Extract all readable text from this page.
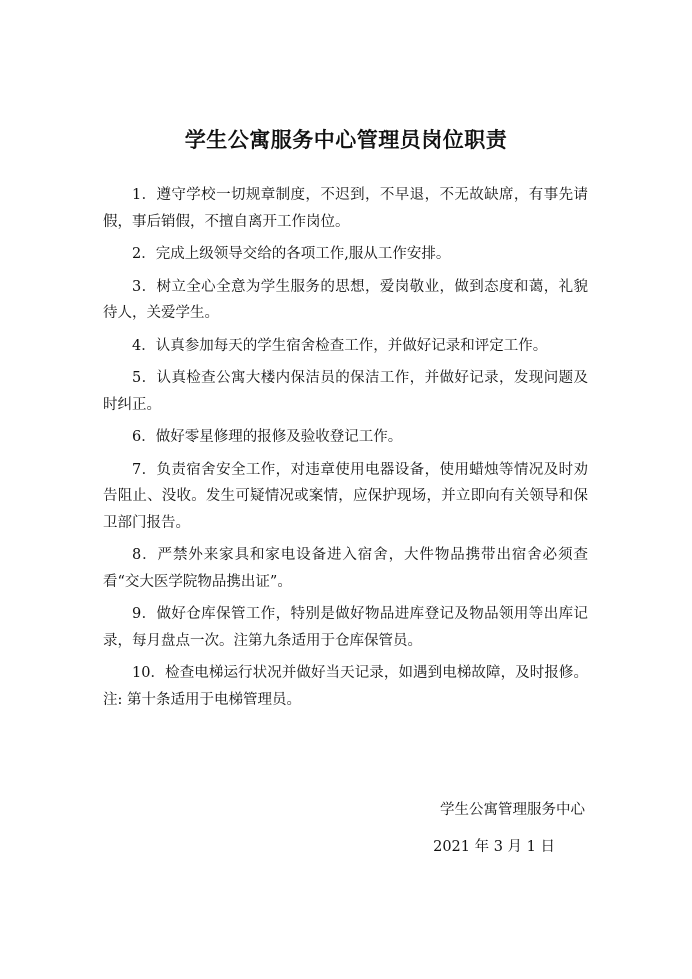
学生公寓服务中心管理员岗位职责

1．遵守学校一切规章制度，不迟到，不早退，不无故缺席，有事先请假，事后销假，不擅自离开工作岗位。

2．完成上级领导交给的各项工作,服从工作安排。

3．树立全心全意为学生服务的思想，爱岗敬业，做到态度和蔼，礼貌待人，关爱学生。

4．认真参加每天的学生宿舍检查工作，并做好记录和评定工作。

5．认真检查公寓大楼内保洁员的保洁工作，并做好记录，发现问题及时纠正。

6．做好零星修理的报修及验收登记工作。

7．负责宿舍安全工作，对违章使用电器设备，使用蜡烛等情况及时劝告阻止、没收。发生可疑情况或案情，应保护现场，并立即向有关领导和保卫部门报告。

8．严禁外来家具和家电设备进入宿舍，大件物品携带出宿舍必须查看“交大医学院物品携出证”。

9．做好仓库保管工作，特别是做好物品进库登记及物品领用等出库记录，每月盘点一次。注第九条适用于仓库保管员。

10．检查电梯运行状况并做好当天记录，如遇到电梯故障，及时报修。注: 第十条适用于电梯管理员。

学生公寓管理服务中心
2021 年 3 月 1 日
